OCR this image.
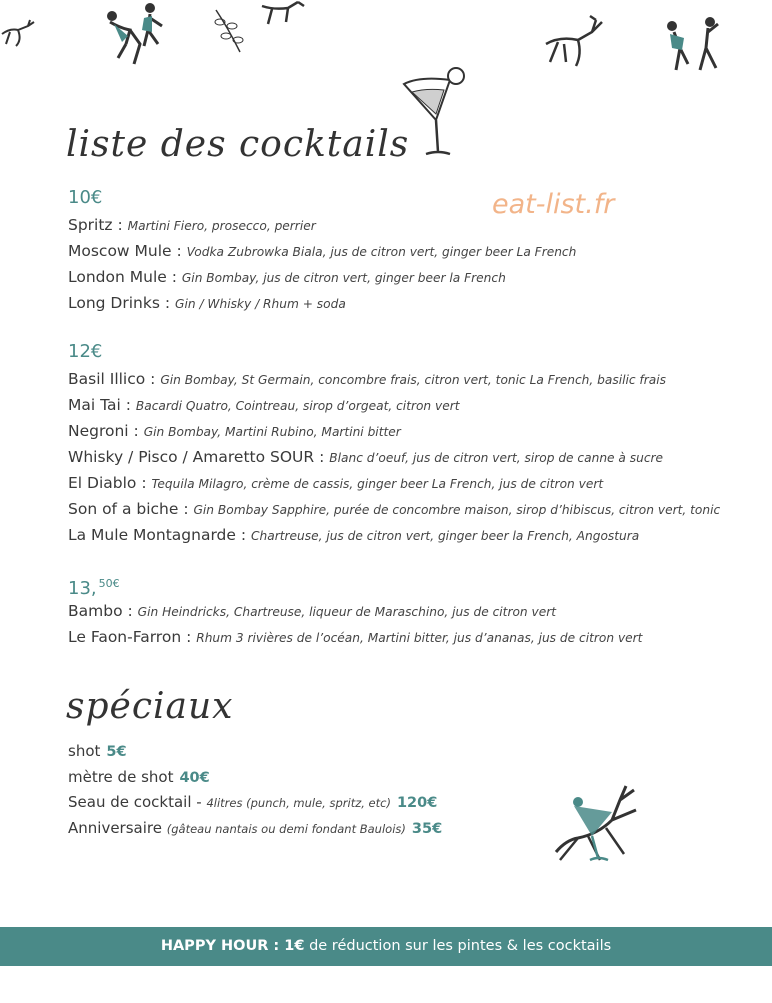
liste des cocktails
eat-list.fr
10€
Spritz : Martini Fiero, prosecco, perrier
Moscow Mule : Vodka Zubrowka Biala, jus de citron vert, ginger beer La French
London Mule : Gin Bombay, jus de citron vert, ginger beer la French
Long Drinks : Gin / Whisky / Rhum + soda
12€
Basil Illico : Gin Bombay, St Germain, concombre frais, citron vert, tonic La French, basilic frais
Mai Tai : Bacardi Quatro, Cointreau, sirop d’orgeat, citron vert
Negroni : Gin Bombay, Martini Rubino, Martini bitter
Whisky / Pisco / Amaretto SOUR : Blanc d’oeuf, jus de citron vert, sirop de canne à sucre
El Diablo : Tequila Milagro, crème de cassis, ginger beer La French, jus de citron vert
Son of a biche : Gin Bombay Sapphire, purée de concombre maison, sirop d’hibiscus, citron vert, tonic
La Mule Montagnarde : Chartreuse, jus de citron vert, ginger beer la French, Angostura
13, $^{50€}$
Bambo : Gin Heindricks, Chartreuse, liqueur de Maraschino, jus de citron vert
Le Faon-Farron : Rhum 3 rivières de l’océan, Martini bitter, jus d’ananas, jus de citron vert
spéciaux
shot 5€
mètre de shot 40€
Seau de cocktail - 4litres (punch, mule, spritz, etc) 120€
Anniversaire (gâteau nantais ou demi fondant Baulois) 35€
HAPPY HOUR : 1€ de réduction sur les pintes & les cocktails
